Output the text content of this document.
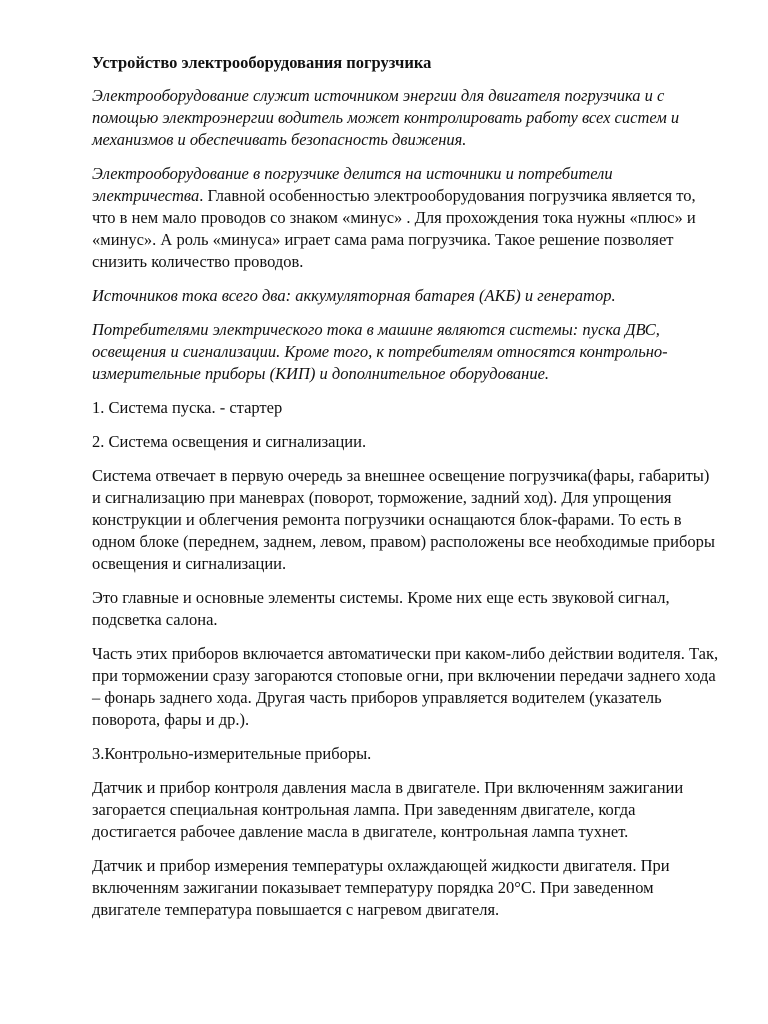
Устройство электрооборудования погрузчика

Электрооборудование служит источником энергии для двигателя погрузчика и с помощью электроэнергии водитель может контролировать работу всех систем и механизмов и обеспечивать безопасность движения.

Электрооборудование в погрузчике делится на источники и потребители электричества. Главной особенностью электрооборудования погрузчика является то, что в нем мало проводов со знаком «минус» . Для прохождения тока нужны «плюс» и «минус». А роль «минуса» играет сама рама погрузчика. Такое решение позволяет снизить количество проводов.

Источников тока всего два: аккумуляторная батарея (АКБ) и генератор.

Потребителями электрического тока в машине являются системы: пуска ДВС, освещения и сигнализации. Кроме того, к потребителям относятся контрольно-измерительные приборы (КИП) и дополнительное оборудование.

1. Система пуска. - стартер

2. Система освещения и сигнализации.

Система отвечает в первую очередь за внешнее освещение погрузчика(фары, габариты) и сигнализацию при маневрах (поворот, торможение, задний ход). Для упрощения конструкции и облегчения ремонта погрузчики оснащаются блок-фарами. То есть в одном блоке (переднем, заднем, левом, правом) расположены все необходимые приборы освещения и сигнализации.

Это главные и основные элементы системы. Кроме них еще есть звуковой сигнал, подсветка салона.

Часть этих приборов включается автоматически при каком-либо действии водителя. Так, при торможении сразу загораются стоповые огни, при включении передачи заднего хода – фонарь заднего хода. Другая часть приборов управляется водителем (указатель поворота, фары и др.).

3.Контрольно-измерительные приборы.

Датчик и прибор контроля давления масла в двигателе. При включенням зажигании загорается специальная контрольная лампа. При заведенням двигателе, когда достигается рабочее давление масла в двигателе, контрольная лампа тухнет.

Датчик и прибор измерения температуры охлаждающей жидкости двигателя. При включенням зажигании показывает температуру порядка 20°С. При заведенном двигателе температура повышается с нагревом двигателя.
